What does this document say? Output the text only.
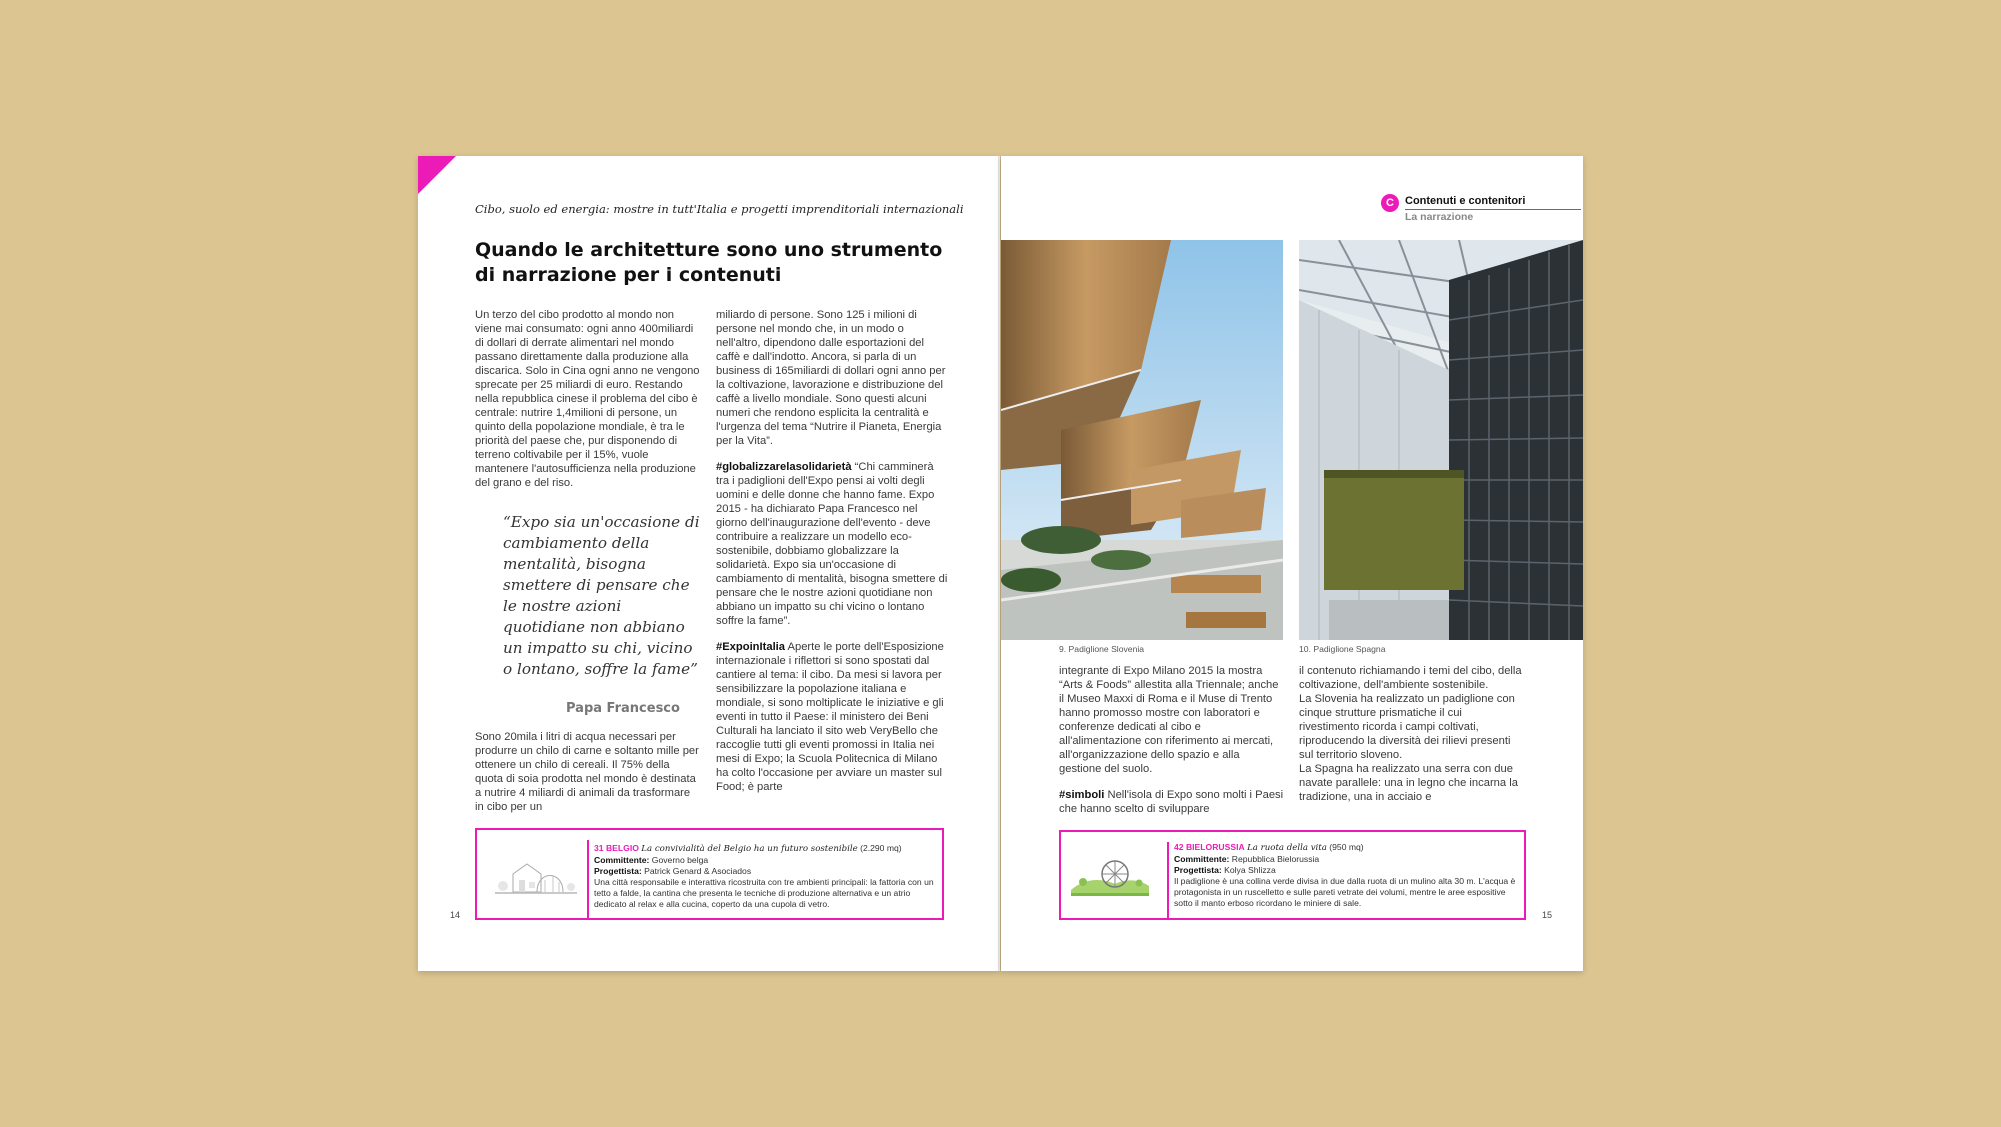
Cibo, suolo ed energia: mostre in tutt'Italia e progetti imprenditoriali internazionali
Quando le architetture sono uno strumento di narrazione per i contenuti

Un terzo del cibo prodotto al mondo non viene mai consumato: ogni anno 400miliardi di dollari di derrate alimentari nel mondo passano direttamente dalla produzione alla discarica. Solo in Cina ogni anno ne vengono sprecate per 25 miliardi di euro. Restando nella repubblica cinese il problema del cibo è centrale: nutrire 1,4milioni di persone, un quinto della popolazione mondiale, è tra le priorità del paese che, pur disponendo di terreno coltivabile per il 15%, vuole mantenere l'autosufficienza nella produzione del grano e del riso.

“Expo sia un'occasione di cambiamento della mentalità, bisogna smettere di pensare che le nostre azioni quotidiane non abbiano un impatto su chi, vicino o lontano, soffre la fame”
Papa Francesco

Sono 20mila i litri di acqua necessari per produrre un chilo di carne e soltanto mille per ottenere un chilo di cereali. Il 75% della quota di soia prodotta nel mondo è destinata a nutrire 4 miliardi di animali da trasformare in cibo per un

miliardo di persone. Sono 125 i milioni di persone nel mondo che, in un modo o nell'altro, dipendono dalle esportazioni del caffè e dall'indotto. Ancora, si parla di un business di 165miliardi di dollari ogni anno per la coltivazione, lavorazione e distribuzione del caffè a livello mondiale. Sono questi alcuni numeri che rendono esplicita la centralità e l'urgenza del tema “Nutrire il Pianeta, Energia per la Vita”.

#globalizzarelasolidarietà “Chi camminerà tra i padiglioni dell'Expo pensi ai volti degli uomini e delle donne che hanno fame. Expo 2015 - ha dichiarato Papa Francesco nel giorno dell'inaugurazione dell'evento - deve contribuire a realizzare un modello eco-sostenibile, dobbiamo globalizzare la solidarietà. Expo sia un'occasione di cambiamento di mentalità, bisogna smettere di pensare che le nostre azioni quotidiane non abbiano un impatto su chi vicino o lontano soffre la fame”.

#ExpoinItalia Aperte le porte dell'Esposizione internazionale i riflettori si sono spostati dal cantiere al tema: il cibo. Da mesi si lavora per sensibilizzare la popolazione italiana e mondiale, si sono moltiplicate le iniziative e gli eventi in tutto il Paese: il ministero dei Beni Culturali ha lanciato il sito web VeryBello che raccoglie tutti gli eventi promossi in Italia nei mesi di Expo; la Scuola Politecnica di Milano ha colto l'occasione per avviare un master sul Food; è parte

31 BELGIO La convivialità del Belgio ha un futuro sostenibile (2.290 mq)
Committente: Governo belga
Progettista: Patrick Genard & Asociados
Una città responsabile e interattiva ricostruita con tre ambienti principali: la fattoria con un tetto a falde, la cantina che presenta le tecniche di produzione alternativa e un atrio dedicato al relax e alla cucina, coperto da una cupola di vetro.
14
C	Contenuti e contenitori
La narrazione
9. Padiglione Slovenia	10. Padiglione Spagna

integrante di Expo Milano 2015 la mostra “Arts & Foods” allestita alla Triennale; anche il Museo Maxxi di Roma e il Muse di Trento hanno promosso mostre con laboratori e conferenze dedicati al cibo e all'alimentazione con riferimento ai mercati, all'organizzazione dello spazio e alla gestione del suolo.

#simboli Nell'isola di Expo sono molti i Paesi che hanno scelto di sviluppare

il contenuto richiamando i temi del cibo, della coltivazione, dell'ambiente sostenibile.
La Slovenia ha realizzato un padiglione con cinque strutture prismatiche il cui rivestimento ricorda i campi coltivati, riproducendo la diversità dei rilievi presenti sul territorio sloveno.
La Spagna ha realizzato una serra con due navate parallele: una in legno che incarna la tradizione, una in acciaio e
42 BIELORUSSIA La ruota della vita (950 mq)
Committente: Repubblica Bielorussia
Progettista: Kolya Shlizza
Il padiglione è una collina verde divisa in due dalla ruota di un mulino alta 30 m. L'acqua è protagonista in un ruscelletto e sulle pareti vetrate dei volumi, mentre le aree espositive sotto il manto erboso ricordano le miniere di sale.
15
